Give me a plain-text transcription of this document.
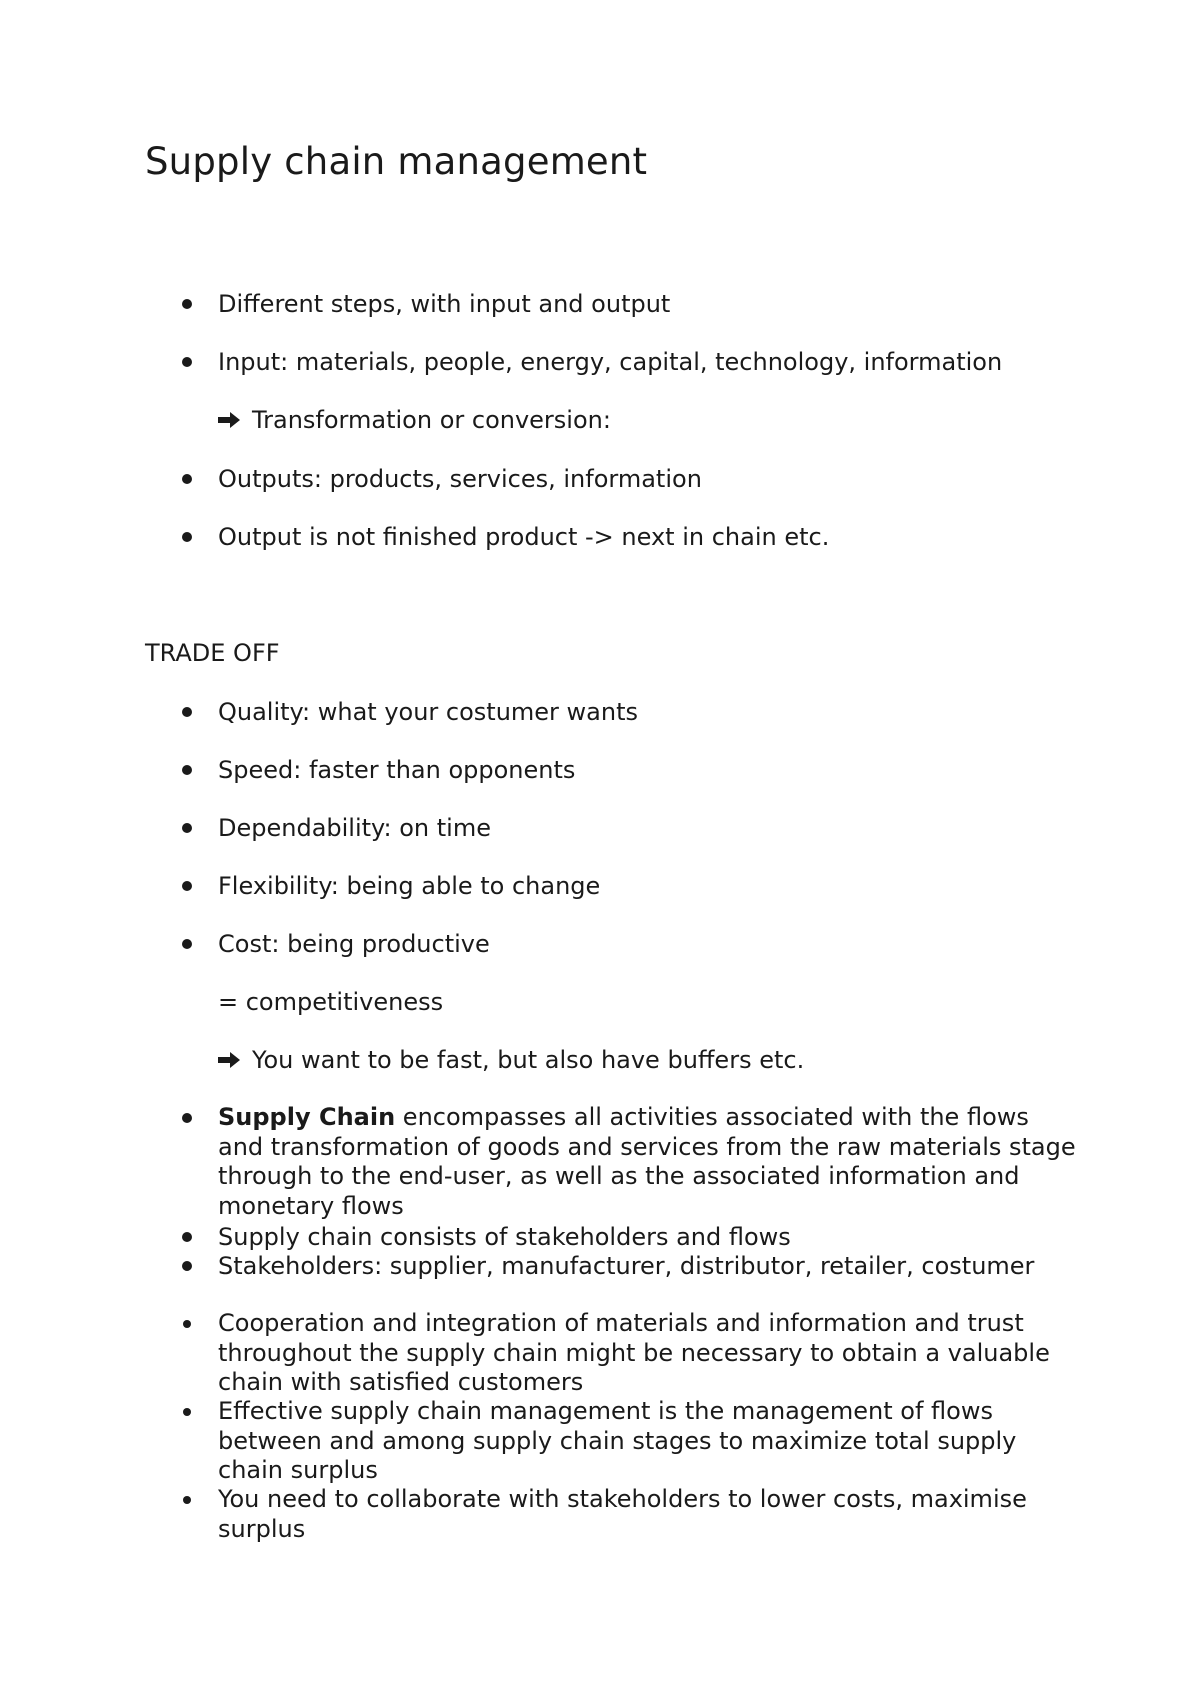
Supply chain management
Different steps, with input and output
Input: materials, people, energy, capital, technology, information
Transformation or conversion:
Outputs: products, services, information
Output is not finished product -> next in chain etc.
TRADE OFF
Quality: what your costumer wants
Speed: faster than opponents
Dependability: on time
Flexibility: being able to change
Cost: being productive
= competitiveness
You want to be fast, but also have buffers etc.
Supply Chain encompasses all activities associated with the flows and transformation of goods and services from the raw materials stage through to the end-user, as well as the associated information and monetary flows
Supply chain consists of stakeholders and flows
Stakeholders: supplier, manufacturer, distributor, retailer, costumer
Cooperation and integration of materials and information and trust throughout the supply chain might be necessary to obtain a valuable chain with satisfied customers
Effective supply chain management is the management of flows between and among supply chain stages to maximize total supply chain surplus
You need to collaborate with stakeholders to lower costs, maximise surplus
